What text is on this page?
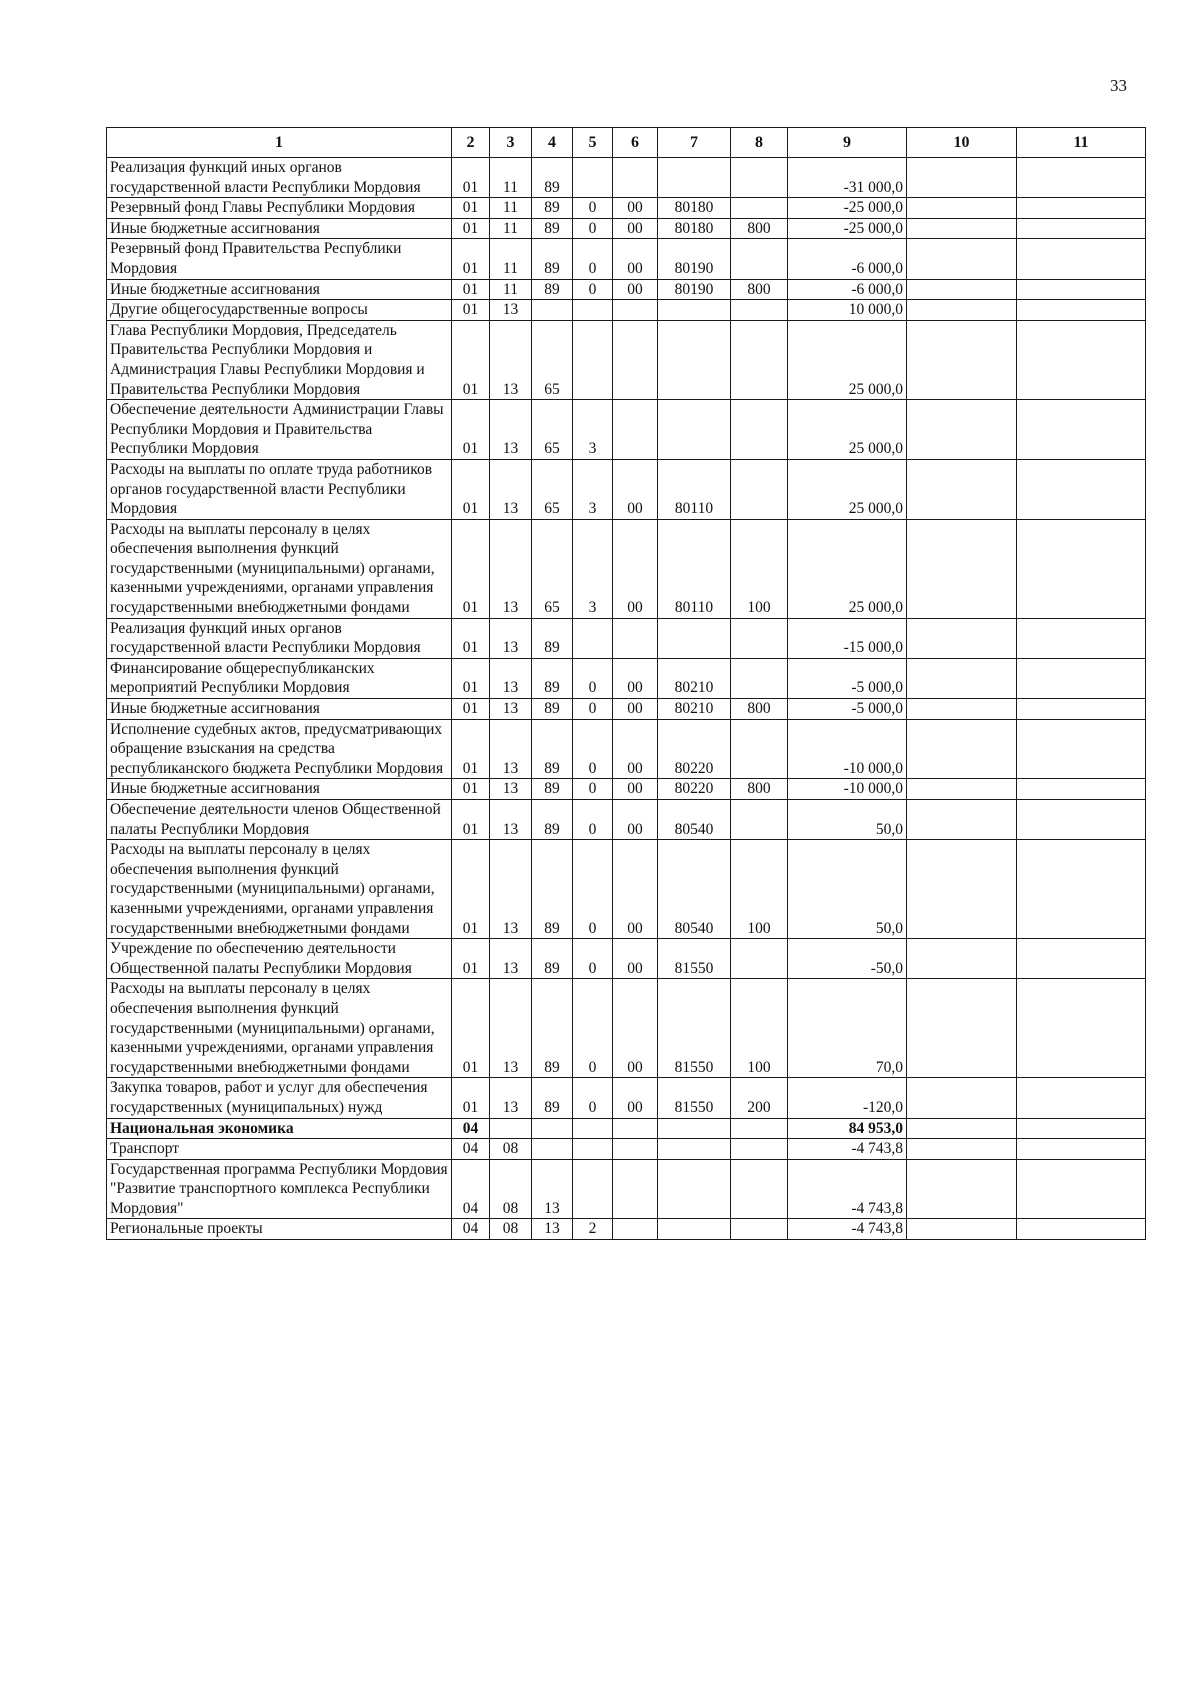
33
1	2	3	4	5	6	7	8	9	10	11
Реализация функций иных органов государственной власти Республики Мордовия	01	11	89					-31 000,0		
Резервный фонд Главы Республики Мордовия	01	11	89	0	00	80180		-25 000,0		
Иные бюджетные ассигнования	01	11	89	0	00	80180	800	-25 000,0		
Резервный фонд Правительства Республики Мордовия	01	11	89	0	00	80190		-6 000,0		
Иные бюджетные ассигнования	01	11	89	0	00	80190	800	-6 000,0		
Другие общегосударственные вопросы	01	13						10 000,0		
Глава Республики Мордовия, Председатель Правительства Республики Мордовия и Администрация Главы Республики Мордовия и Правительства Республики Мордовия	01	13	65					25 000,0		
Обеспечение деятельности Администрации Главы Республики Мордовия и Правительства Республики Мордовия	01	13	65	3				25 000,0		
Расходы на выплаты по оплате труда работников органов государственной власти Республики Мордовия	01	13	65	3	00	80110		25 000,0		
Расходы на выплаты персоналу в целях обеспечения выполнения функций государственными (муниципальными) органами, казенными учреждениями, органами управления государственными внебюджетными фондами	01	13	65	3	00	80110	100	25 000,0		
Реализация функций иных органов государственной власти Республики Мордовия	01	13	89					-15 000,0		
Финансирование общереспубликанских мероприятий Республики Мордовия	01	13	89	0	00	80210		-5 000,0		
Иные бюджетные ассигнования	01	13	89	0	00	80210	800	-5 000,0		
Исполнение судебных актов, предусматривающих обращение взыскания на средства республиканского бюджета Республики Мордовия	01	13	89	0	00	80220		-10 000,0		
Иные бюджетные ассигнования	01	13	89	0	00	80220	800	-10 000,0		
Обеспечение деятельности членов Общественной палаты Республики Мордовия	01	13	89	0	00	80540		50,0		
Расходы на выплаты персоналу в целях обеспечения выполнения функций государственными (муниципальными) органами, казенными учреждениями, органами управления государственными внебюджетными фондами	01	13	89	0	00	80540	100	50,0		
Учреждение по обеспечению деятельности Общественной палаты Республики Мордовия	01	13	89	0	00	81550		-50,0		
Расходы на выплаты персоналу в целях обеспечения выполнения функций государственными (муниципальными) органами, казенными учреждениями, органами управления государственными внебюджетными фондами	01	13	89	0	00	81550	100	70,0		
Закупка товаров, работ и услуг для обеспечения государственных (муниципальных) нужд	01	13	89	0	00	81550	200	-120,0		
Национальная экономика	04							84 953,0		
Транспорт	04	08						-4 743,8		
Государственная программа Республики Мордовия "Развитие транспортного комплекса Республики Мордовия"	04	08	13					-4 743,8		
Региональные проекты	04	08	13	2				-4 743,8		
